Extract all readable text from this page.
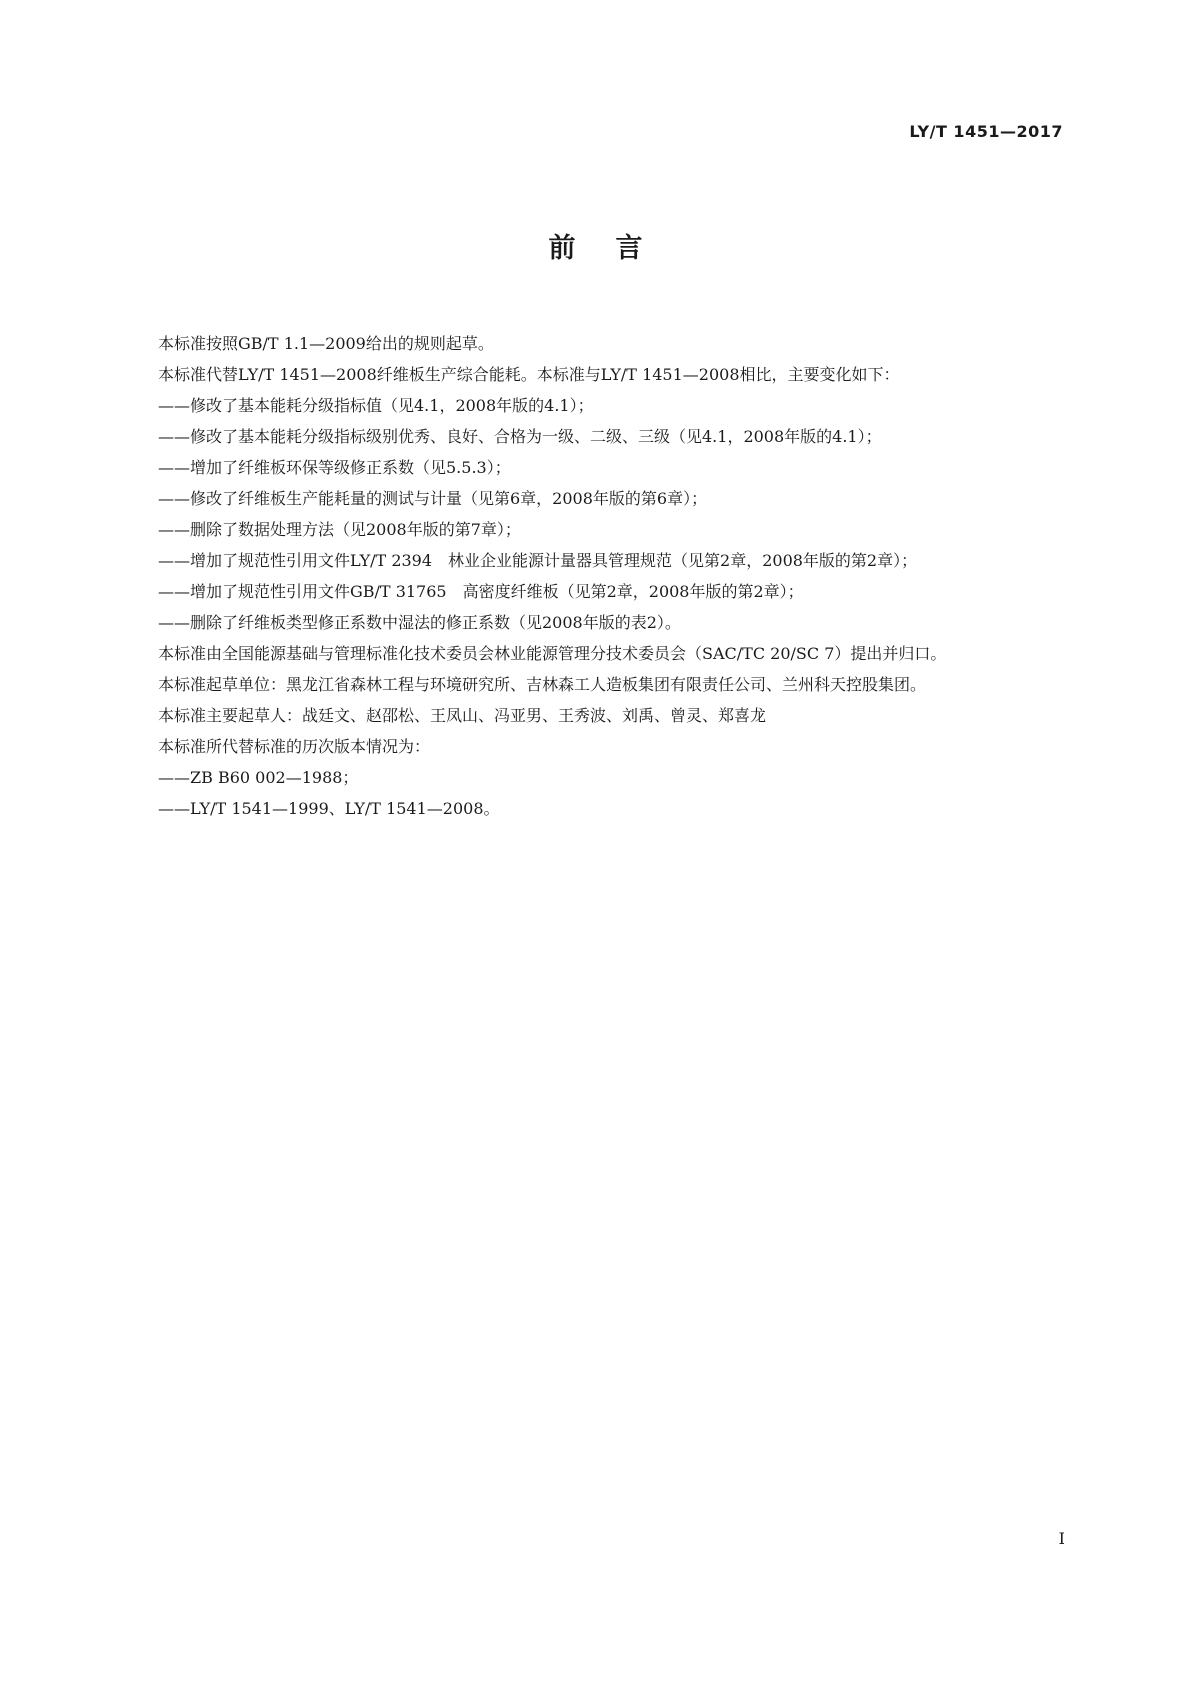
LY/T 1451—2017
前言

本标准按照GB/T 1.1—2009给出的规则起草。

本标准代替LY/T 1451—2008纤维板生产综合能耗。本标准与LY/T 1451—2008相比，主要变化如下：

——修改了基本能耗分级指标值（见4.1，2008年版的4.1）；

——修改了基本能耗分级指标级别优秀、良好、合格为一级、二级、三级（见4.1，2008年版的4.1）；

——增加了纤维板环保等级修正系数（见5.5.3）；

——修改了纤维板生产能耗量的测试与计量（见第6章，2008年版的第6章）；

——删除了数据处理方法（见2008年版的第7章）；

——增加了规范性引用文件LY/T 2394　林业企业能源计量器具管理规范（见第2章，2008年版的第2章）；

——增加了规范性引用文件GB/T 31765　高密度纤维板（见第2章，2008年版的第2章）；

——删除了纤维板类型修正系数中湿法的修正系数（见2008年版的表2）。

本标准由全国能源基础与管理标准化技术委员会林业能源管理分技术委员会（SAC/TC 20/SC 7）提出并归口。

本标准起草单位：黑龙江省森林工程与环境研究所、吉林森工人造板集团有限责任公司、兰州科天控股集团。

本标准主要起草人：战廷文、赵邵松、王凤山、冯亚男、王秀波、刘禹、曾灵、郑喜龙

本标准所代替标准的历次版本情况为：

——ZB B60 002—1988；

——LY/T 1541—1999、LY/T 1541—2008。

I
